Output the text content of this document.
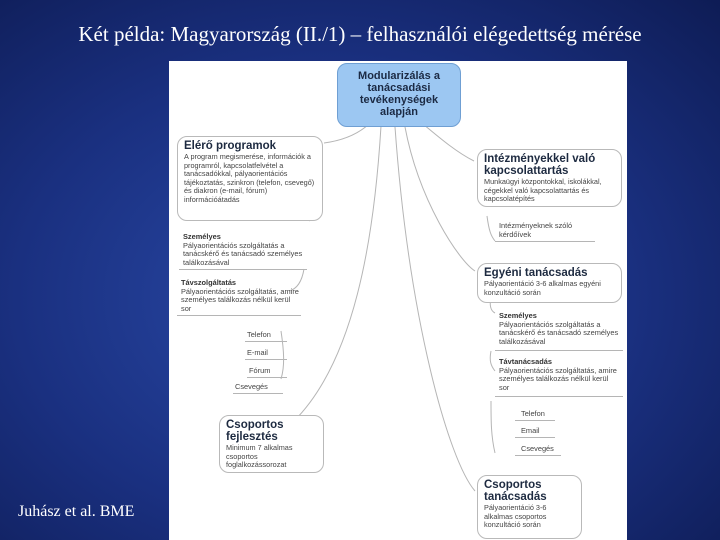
Két példa: Magyarország (II./1) – felhasználói elégedettség mérése
Modularizálás a tanácsadási tevékenységek alapján
Elérő programok
A program megismerése, információk a programról, kapcsolatfelvétel a tanácsadókkal, pályaorientációs tájékoztatás, szinkron (telefon, csevegő) és diakron (e-mail, fórum) információátadás
Személyes
Pályaorientációs szolgáltatás a tanácskérő és tanácsadó személyes találkozásával
Távszolgáltatás
Pályaorientációs szolgáltatás, amire személyes találkozás nélkül kerül sor
Telefon
E-mail
Fórum
Csevegés
Csoportos fejlesztés
Minimum 7 alkalmas csoportos foglalkozássorozat
Intézményekkel való kapcsolattartás
Munkaügyi központokkal, iskolákkal, cégekkel való kapcsolattartás és kapcsolatépítés
Intézményeknek szóló kérdőívek
Egyéni tanácsadás
Pályaorientáció 3-6 alkalmas egyéni konzultáció során
Személyes
Pályaorientációs szolgáltatás a tanácskérő és tanácsadó személyes találkozásával
Távtanácsadás
Pályaorientációs szolgáltatás, amire személyes találkozás nélkül kerül sor
Telefon
Email
Csevegés
Csoportos tanácsadás
Pályaorientáció 3-6 alkalmas csoportos konzultáció során
Juhász et al. BME
